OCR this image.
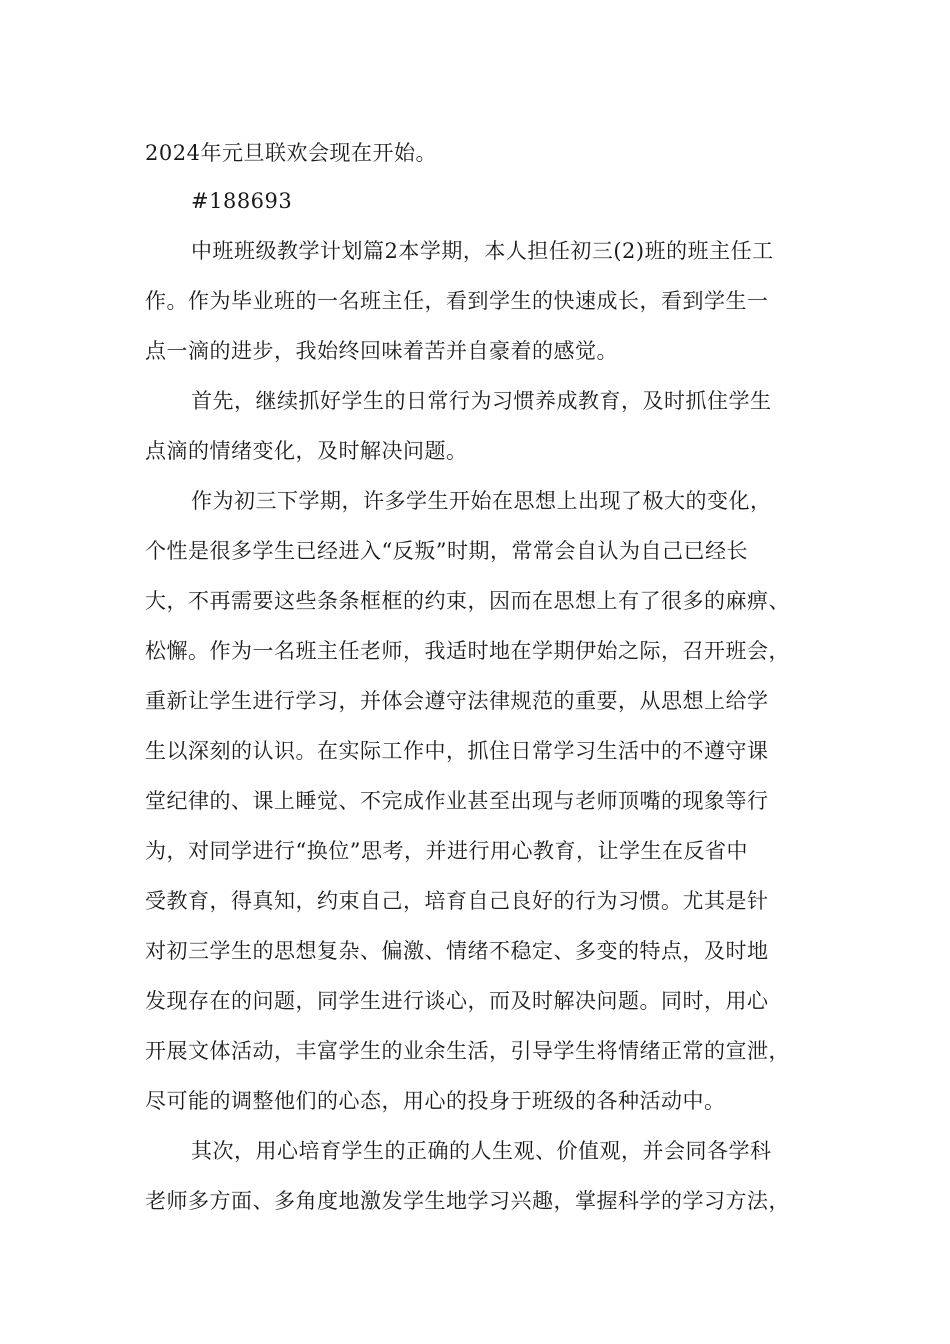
2024年元旦联欢会现在开始。
#188693
中班班级教学计划篇2本学期，本人担任初三(2)班的班主任工
作。作为毕业班的一名班主任，看到学生的快速成长，看到学生一
点一滴的进步，我始终回味着苦并自豪着的感觉。
首先，继续抓好学生的日常行为习惯养成教育，及时抓住学生
点滴的情绪变化，及时解决问题。
作为初三下学期，许多学生开始在思想上出现了极大的变化，
个性是很多学生已经进入“反叛”时期，常常会自认为自己已经长
大，不再需要这些条条框框的约束，因而在思想上有了很多的麻痹、
松懈。作为一名班主任老师，我适时地在学期伊始之际，召开班会，
重新让学生进行学习，并体会遵守法律规范的重要，从思想上给学
生以深刻的认识。在实际工作中，抓住日常学习生活中的不遵守课
堂纪律的、课上睡觉、不完成作业甚至出现与老师顶嘴的现象等行
为，对同学进行“换位”思考，并进行用心教育，让学生在反省中
受教育，得真知，约束自己，培育自己良好的行为习惯。尤其是针
对初三学生的思想复杂、偏激、情绪不稳定、多变的特点，及时地
发现存在的问题，同学生进行谈心，而及时解决问题。同时，用心
开展文体活动，丰富学生的业余生活，引导学生将情绪正常的宣泄，
尽可能的调整他们的心态，用心的投身于班级的各种活动中。
其次，用心培育学生的正确的人生观、价值观，并会同各学科
老师多方面、多角度地激发学生地学习兴趣，掌握科学的学习方法，
